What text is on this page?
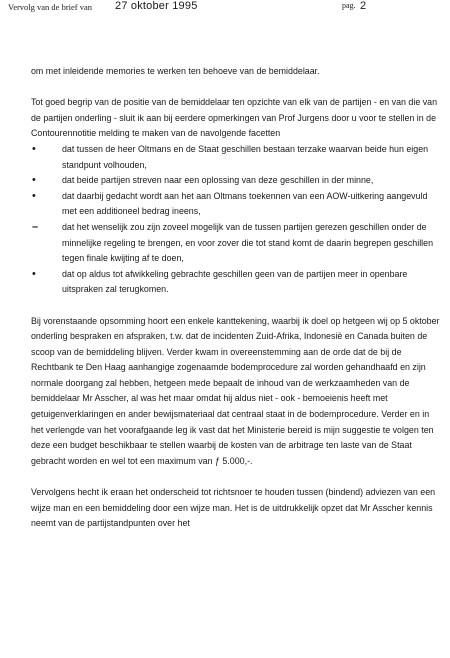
Vervolg van de brief van 27 oktober 1995	pag. 2

om met inleidende memories te werken ten behoeve van de bemiddelaar.

Tot goed begrip van de positie van de bemiddelaar ten opzichte van elk van de partijen - en van die van de partijen onderling - sluit ik aan bij eerdere opmerkingen van Prof Jurgens door u voor te stellen in de Contourennotitie melding te maken van de navolgende facetten

•	dat tussen de heer Oltmans en de Staat geschillen bestaan terzake waarvan beide hun eigen standpunt volhouden,
•	dat beide partijen streven naar een oplossing van deze geschillen in der minne,
•	dat daarbij gedacht wordt aan het aan Oltmans toekennen van een AOW-uitkering aangevuld met een additioneel bedrag ineens,
–	dat het wenselijk zou zijn zoveel mogelijk van de tussen partijen gerezen geschillen onder de minnelijke regeling te brengen, en voor zover die tot stand komt de daarin begrepen geschillen tegen finale kwijting af te doen,
•	dat op aldus tot afwikkeling gebrachte geschillen geen van de partijen meer in openbare uitspraken zal terugkomen.

Bij vorenstaande opsomming hoort een enkele kanttekening, waarbij ik doel op hetgeen wij op 5 oktober onderling bespraken en afspraken, t.w. dat de incidenten Zuid-Afrika, Indonesië en Canada buiten de scoop van de bemiddeling blijven. Verder kwam in overeenstemming aan de orde dat de bij de Rechtbank te Den Haag aanhangige zogenaamde bodemprocedure zal worden gehandhaafd en zijn normale doorgang zal hebben, hetgeen mede bepaalt de inhoud van de werkzaamheden van de bemiddelaar Mr Asscher, al was het maar omdat hij aldus niet - ook - bemoeienis heeft met getuigenverklaringen en ander bewijsmateriaal dat centraal staat in de bodemprocedure. Verder en in het verlengde van het voorafgaande leg ik vast dat het Ministerie bereid is mijn suggestie te volgen ten deze een budget beschikbaar te stellen waarbij de kosten van de arbitrage ten laste van de Staat gebracht worden en wel tot een maximum van ƒ 5.000,-.

Vervolgens hecht ik eraan het onderscheid tot richtsnoer te houden tussen (bindend) adviezen van een wijze man en een bemiddeling door een wijze man. Het is de uitdrukkelijk opzet dat Mr Asscher kennis neemt van de partijstandpunten over het
